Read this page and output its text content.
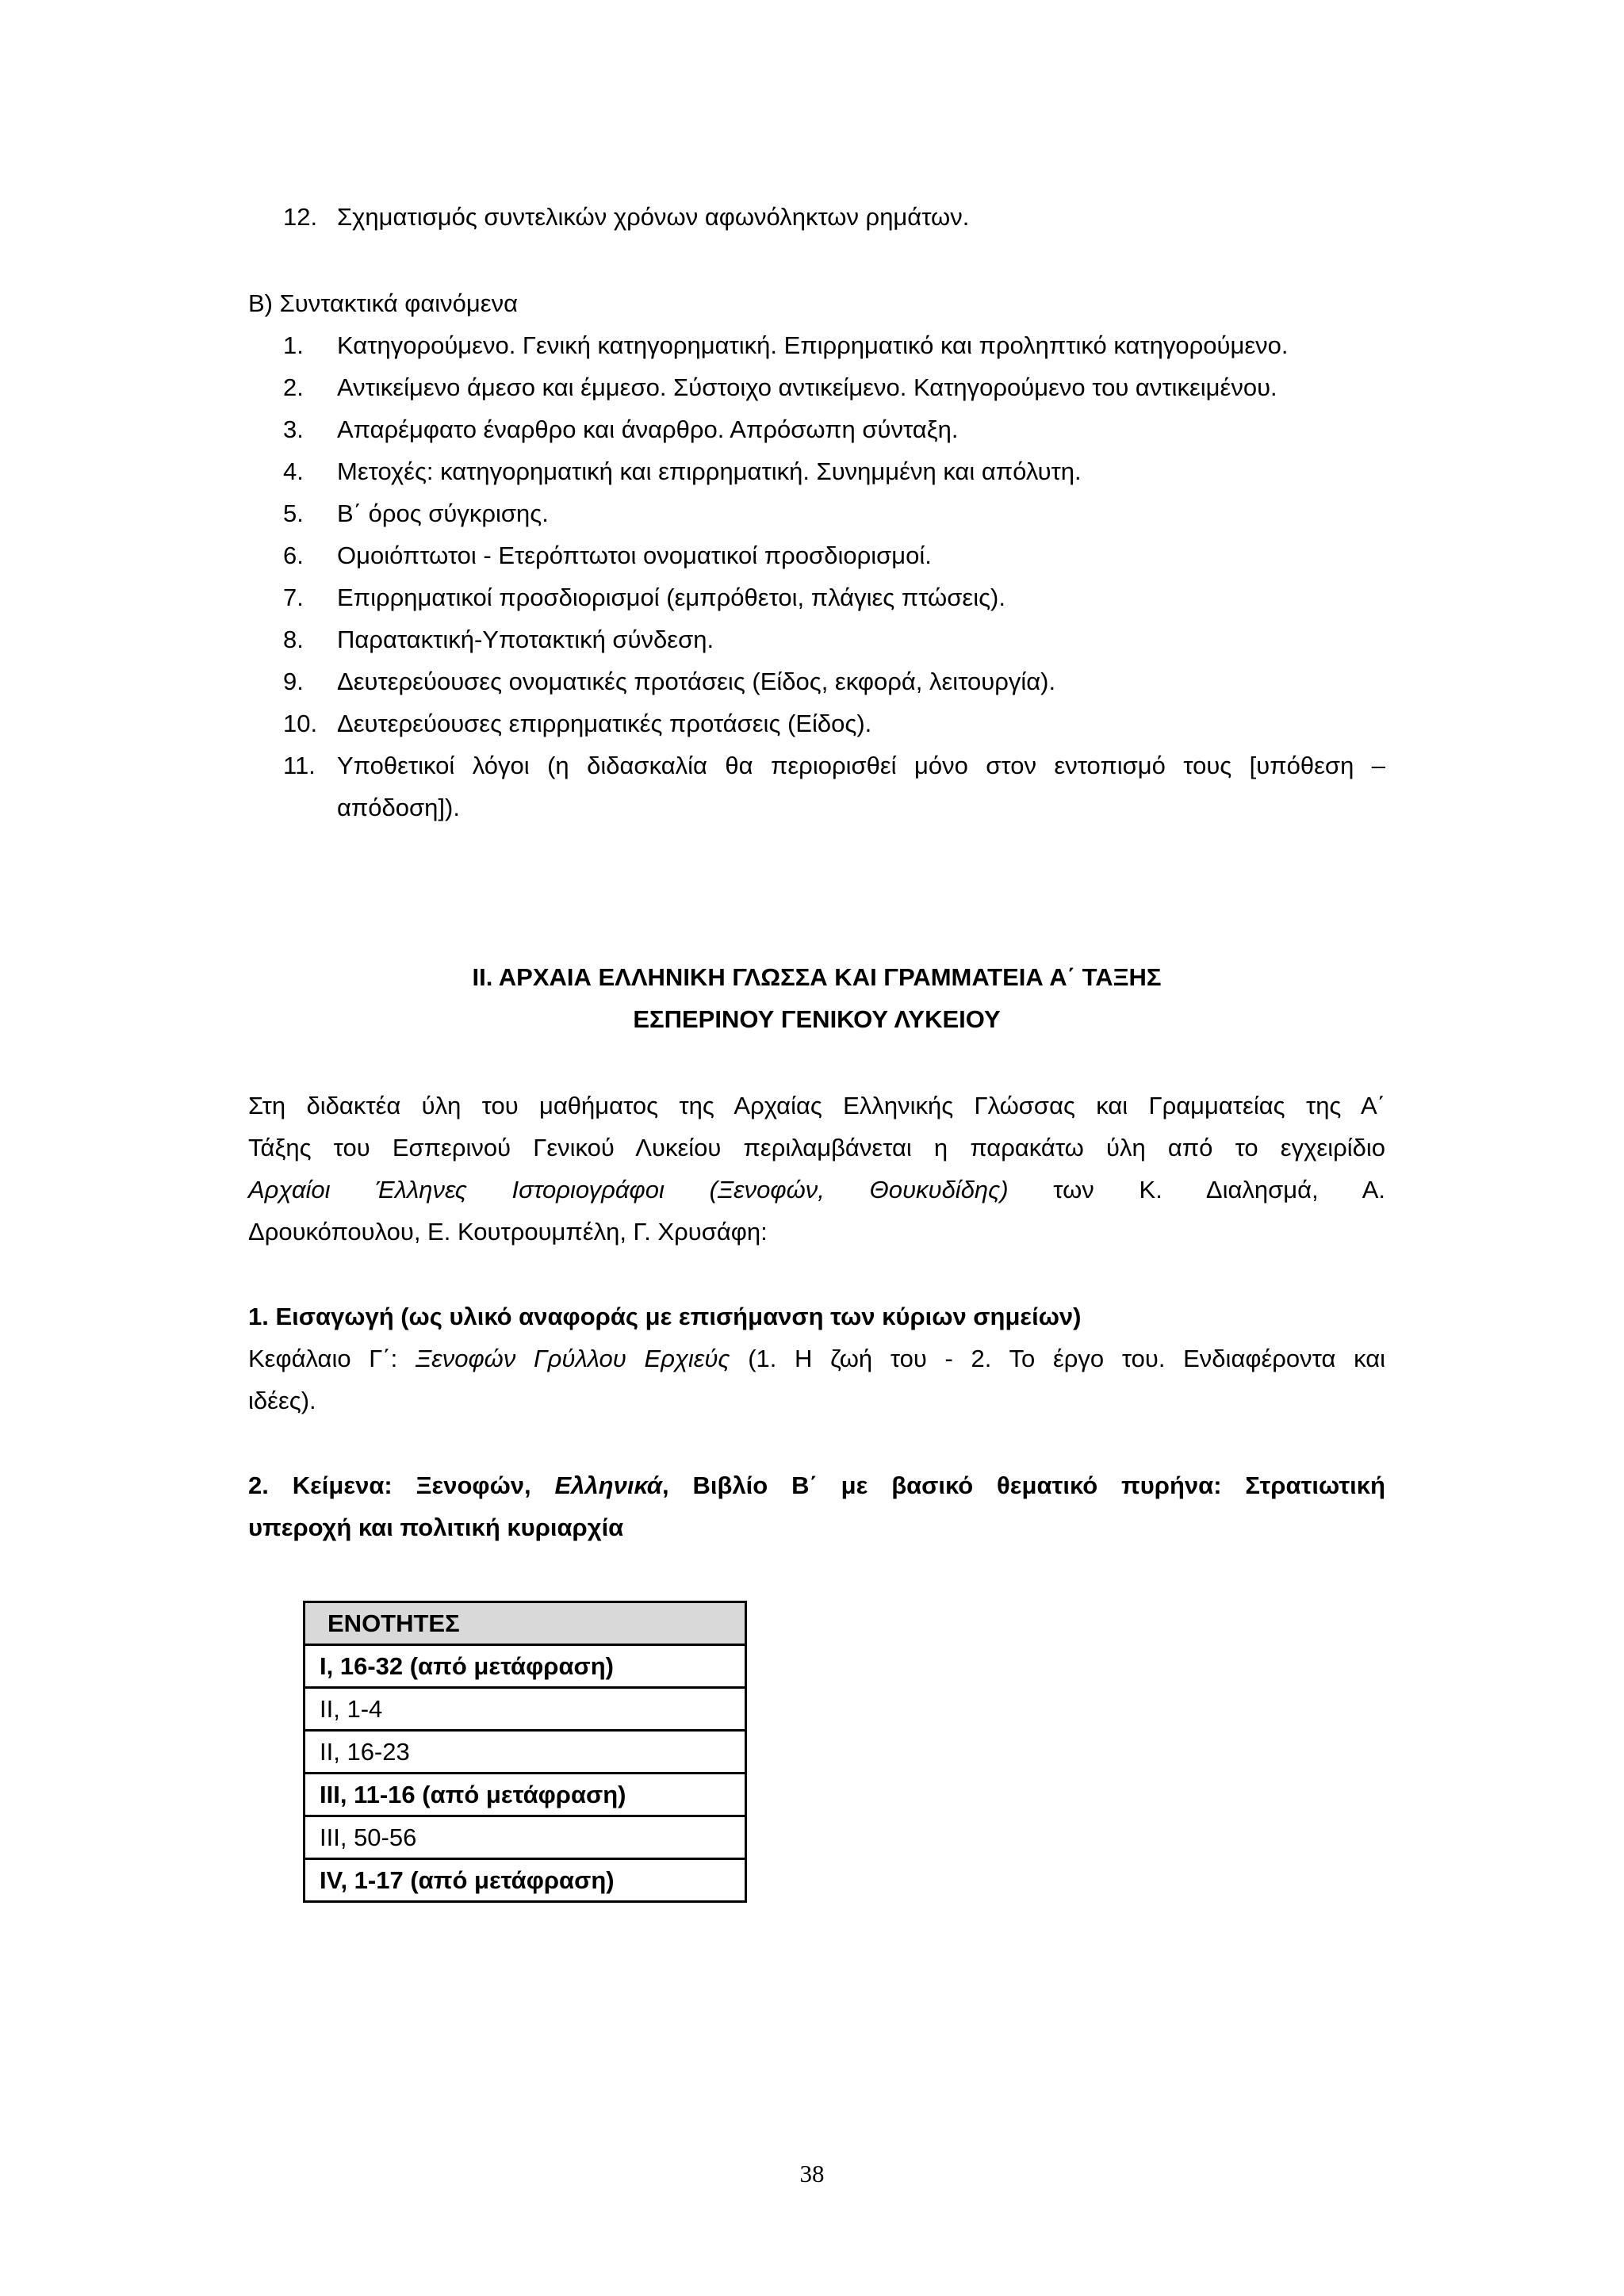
12. Σχηματισμός συντελικών χρόνων αφωνόληκτων ρημάτων.
Β) Συντακτικά φαινόμενα
1.	Κατηγορούμενο. Γενική κατηγορηματική. Επιρρηματικό και προληπτικό κατηγορούμενο.
2.	Αντικείμενο άμεσο και έμμεσο. Σύστοιχο αντικείμενο. Κατηγορούμενο του αντικειμένου.
3.	Απαρέμφατο έναρθρο και άναρθρο. Απρόσωπη σύνταξη.
4.	Μετοχές: κατηγορηματική και επιρρηματική. Συνημμένη και απόλυτη.
5.	Β΄ όρος σύγκρισης.
6.	Ομοιόπτωτοι - Ετερόπτωτοι ονοματικοί προσδιορισμοί.
7.	Επιρρηματικοί προσδιορισμοί (εμπρόθετοι, πλάγιες πτώσεις).
8.	Παρατακτική-Υποτακτική σύνδεση.
9.	Δευτερεύουσες ονοματικές προτάσεις (Είδος, εκφορά, λειτουργία).
10. Δευτερεύουσες επιρρηματικές προτάσεις (Είδος).
11. Υποθετικοί λόγοι (η διδασκαλία θα περιορισθεί μόνο στον εντοπισμό τους [υπόθεση – απόδοση]).
ΙΙ. ΑΡΧΑΙΑ ΕΛΛΗΝΙΚΗ ΓΛΩΣΣΑ ΚΑΙ ΓΡΑΜΜΑΤΕΙΑ Α΄ ΤΑΞΗΣ
ΕΣΠΕΡΙΝΟΥ ΓΕΝΙΚΟΥ ΛΥΚΕΙΟΥ
Στη διδακτέα ύλη του μαθήματος της Αρχαίας Ελληνικής Γλώσσας και Γραμματείας της Α΄
Τάξης του Εσπερινού Γενικού Λυκείου περιλαμβάνεται η παρακάτω ύλη από το εγχειρίδιο
Αρχαίοι Έλληνες Ιστοριογράφοι (Ξενοφών, Θουκυδίδης) των Κ. Διαλησμά, Α.
Δρουκόπουλου, Ε. Κουτρουμπέλη, Γ. Χρυσάφη:
1. Εισαγωγή (ως υλικό αναφοράς με επισήμανση των κύριων σημείων)
Κεφάλαιο Γ΄: Ξενοφών Γρύλλου Ερχιεύς (1. Η ζωή του - 2. Το έργο του. Ενδιαφέροντα και
ιδέες).
2. Κείμενα: Ξενοφών, Ελληνικά, Βιβλίο Β΄ με βασικό θεματικό πυρήνα: Στρατιωτική
υπεροχή και πολιτική κυριαρχία
ΕΝΟΤΗΤΕΣ
Ι, 16-32 (από μετάφραση)
ΙΙ, 1-4
ΙΙ, 16-23
ΙΙΙ, 11-16 (από μετάφραση)
ΙΙΙ, 50-56
ΙV, 1-17 (από μετάφραση)
38
